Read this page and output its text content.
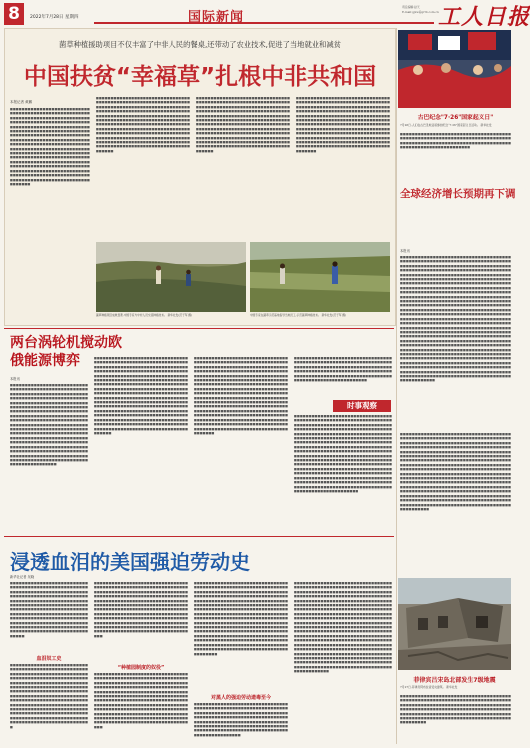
8	2022年7月28日 星期四	国际新闻
责任编辑:赵天
E-mail:gjxw@grrb.com.cn 工人日报
菌草种植援助项目不仅丰富了中非人民的餐桌,还带动了农业技术,促进了当地就业和减贫
中国扶贫“幸福草”扎根中非共和国
本报记者 黄鹏
■■■■■■■■■■■■■■■■■■■■■■■■■■■■■■■■■■■■■■■■■■■■■■■■■■■■■■■■■■■■■■■■■■■■■■■■■■■■■■■■■■■■■■■■■■■■■■■■■■■■■■■■■■■■■■■■■■■■■■■■■■■■■■■■■■■■■■■■■■■■■■■■■■■■■■■■■■■■■■■■■■■■■■■■■■■■■■■■■■■■■■■■■■■■■■■■■■■■■■■■■■■■■■■■■■■■■■■■■■■■■■■■■■■■■■■■■■■■■■■■■■■■■■■■■■■■■■■■■■■■■■■■■■■■■■■■■■■■■■■■■■■■■■■■■■■■■■■■■■■■■■■■■■■■■■■■■■■■■■■■■■■■■■■■■■■■■■■■■■■■■■■■■■■■■■■■■■■■■■■■■■■■■■■■■■■■■■■■■■■■■■■■■■■■■■■■■■■■■■■■■■■■■■■■■■■■■■■■■■■■■■■■■■■■■■■■■■■■■■■■■■■■■■■■■■■■■■■■■■■■■■■■■■
■■■■■■■■■■■■■■■■■■■■■■■■■■■■■■■■■■■■■■■■■■■■■■■■■■■■■■■■■■■■■■■■■■■■■■■■■■■■■■■■■■■■■■■■■■■■■■■■■■■■■■■■■■■■■■■■■■■■■■■■■■■■■■■■■■■■■■■■■■■■■■■■■■■■■■■■■■■■■■■■■■■■■■■■■■■■■■■■■■■■■■■■■■■■■■■■■■■■■■■■■■■■■■■■■■■■■■■■■■■■■■■■■■■■■■■■■■■■■■■■■■■■■■■■■■■■■■■■■■■■■■■■■■■■■■■■■■■■■■■■■■■■■■■■■■■■■■■■■■■■■■■■■■■■■■■■■■■■■■■■■■■■■■■■■■■■■■■■■■■■■■■■■■■■■■■■■■■■■■■■■■■■■■■■■■■■■■■■■■■■■■■■■■■■■■
■■■■■■■■■■■■■■■■■■■■■■■■■■■■■■■■■■■■■■■■■■■■■■■■■■■■■■■■■■■■■■■■■■■■■■■■■■■■■■■■■■■■■■■■■■■■■■■■■■■■■■■■■■■■■■■■■■■■■■■■■■■■■■■■■■■■■■■■■■■■■■■■■■■■■■■■■■■■■■■■■■■■■■■■■■■■■■■■■■■■■■■■■■■■■■■■■■■■■■■■■■■■■■■■■■■■■■■■■■■■■■■■■■■■■■■■■■■■■■■■■■■■■■■■■■■■■■■■■■■■■■■■■■■■■■■■■■■■■■■■■■■■■■■■■■■■■■■■■■■■■■■■■■■■■■■■■■■■■■■■■■■■■■■■■■■■■■■■■■■■■■■■■■■■■■■■■■■■■■■■■■■■■■■■■■■■■■■■■■■■■■■■■■■■■■
■■■■■■■■■■■■■■■■■■■■■■■■■■■■■■■■■■■■■■■■■■■■■■■■■■■■■■■■■■■■■■■■■■■■■■■■■■■■■■■■■■■■■■■■■■■■■■■■■■■■■■■■■■■■■■■■■■■■■■■■■■■■■■■■■■■■■■■■■■■■■■■■■■■■■■■■■■■■■■■■■■■■■■■■■■■■■■■■■■■■■■■■■■■■■■■■■■■■■■■■■■■■■■■■■■■■■■■■■■■■■■■■■■■■■■■■■■■■■■■■■■■■■■■■■■■■■■■■■■■■■■■■■■■■■■■■■■■■■■■■■■■■■■■■■■■■■■■■■■■■■■■■■■■■■■■■■■■■■■■■■■■■■■■■■■■■■■■■■■■■■■■■■■■■■■■■■■■■■■■■■■■■■■■■■■■■■■■■■■■■■■■■■■■■■■■
菌草种植项目成效显著,中国专家与中非人员交流种植技术。 新华社发(范子军 摄)	中国专家在菌草示范基地指导当地员工,示范菌草种植技术。 新华社发(范子军 摄)
古巴纪念"7·26"国家起义日"
7月26日,人们在古巴圣地亚哥参加纪念“7·26”国家起义日活动。 新华社发
■■■■■■■■■■■■■■■■■■■■■■■■■■■■■■■■■■■■■■■■■■■■■■■■■■■■■■■■■■■■■■■■■■■■■■■■■■■■■■■■■■■■■■■■■■■■■■■■■■■■■■■■■■■■■■■■■■■■■■■■■■■■■■■■■■■■■■■
全球经济增长预期再下调
本报讯
■■■■■■■■■■■■■■■■■■■■■■■■■■■■■■■■■■■■■■■■■■■■■■■■■■■■■■■■■■■■■■■■■■■■■■■■■■■■■■■■■■■■■■■■■■■■■■■■■■■■■■■■■■■■■■■■■■■■■■■■■■■■■■■■■■■■■■■■■■■■■■■■■■■■■■■■■■■■■■■■■■■■■■■■■■■■■■■■■■■■■■■■■■■■■■■■■■■■■■■■■■■■■■■■■■■■■■■■■■■■■■■■■■■■■■■■■■■■■■■■■■■■■■■■■■■■■■■■■■■■■■■■■■■■■■■■■■■■■■■■■■■■■■■■■■■■■■■■■■■■■■■■■■■■■■■■■■■■■■■■■■■■■■■■■■■■■■■■■■■■■■■■■■■■■■■■■■■■■■■■■■■■■■■■■■■■■■■■■■■■■■■■■■■■■■■■■■■■■■■■■■■■■■■■■■■■■■■■■■■■■■■■■■■■■■■■■■■■■■■■■■■■■■■■■■■■■■■■■■■■■■■■■■■■■■■■■■■■■■■■■■■■■■■■■■■■■■■■■■■■■■■■■■■■■■■■■■■■■■■■■■■■■■■■■■■■■■■■■■■■■■■■■■■■■■■■■■■■■■■■■■■■■■■■■■■■■■■■■■■■■■■■■■■■■■■■■■■■■■■■■■■■■■■■■■■■■■■■■■■■■■■■■■■■■■■■■■■■■■■■■■■■■■■■■■■■■■■■■■■■■■■■■■■■■■■■■■■■■■■■■■■■■■■■■■■■■■■■■■■■■■■■■■■■■■■■■■■■■■■■■■■■■■■■■■■■■■■■■■■■■■■■■■■■■■■■■■■■■■■■■■■■■■■■■■■■■■■■■■■■■■■■■■■■■■■■■■■■■■■■■■■■■■■■■■■■■■■■■■■■■■■■■■■■■■■■■■■■■■■■■■■■■■■■■■■■■■■■■■■■■■■■■■■■■■■■■■■■■■■■■■■■■■■■■■■■■■■■■■■■■■■■■■■■■■■■■■■■■■■■■■■■■■■■■■■■■■■■■■■■■■■■■■■■■■■■■■■■■■■■■■■■■■■■■■■■■■■■■■■■■■■■■■■■■■■■■■■■■■■■■■■■■■■■■■■■■■■■■■■■■■■■■■■■■■■■■■■■■■■■■■■■■■■■
■■■■■■■■■■■■■■■■■■■■■■■■■■■■■■■■■■■■■■■■■■■■■■■■■■■■■■■■■■■■■■■■■■■■■■■■■■■■■■■■■■■■■■■■■■■■■■■■■■■■■■■■■■■■■■■■■■■■■■■■■■■■■■■■■■■■■■■■■■■■■■■■■■■■■■■■■■■■■■■■■■■■■■■■■■■■■■■■■■■■■■■■■■■■■■■■■■■■■■■■■■■■■■■■■■■■■■■■■■■■■■■■■■■■■■■■■■■■■■■■■■■■■■■■■■■■■■■■■■■■■■■■■■■■■■■■■■■■■■■■■■■■■■■■■■■■■■■■■■■■■■■■■■■■■■■■■■■■■■■■■■■■■■■■■■■■■■■■■■■■■■■■■■■■■■■■■■■■■■■■■■■■■■■■■■■■■■■■■■■■■■■■■■■■■■■■■■■■■■■■■■■■■■■■■■■■■■■■■■■■■■■■■■■■■■■■■■■■■■■■■■■■■■■■■■■■■■■■■■■■■■■■■■■■■■■■■■■■■■■■■■■■■■■■■■■■■■■■■■■■■■■■■■■■■■■■■■■■■■■■■■■■■■■■■■■■■■■■■■■■■■■■■■■■■■■■■■■■■■■■■■■■■■■■■■■■■■■■■■■■■■■■■■■■■■■■■■■■■■■■■■■■■■■■■■■■■■■■■■■■■■■■■■■■■■■■■■■■■■■
两台涡轮机搅动欧俄能源博弈
本报讯
■■■■■■■■■■■■■■■■■■■■■■■■■■■■■■■■■■■■■■■■■■■■■■■■■■■■■■■■■■■■■■■■■■■■■■■■■■■■■■■■■■■■■■■■■■■■■■■■■■■■■■■■■■■■■■■■■■■■■■■■■■■■■■■■■■■■■■■■■■■■■■■■■■■■■■■■■■■■■■■■■■■■■■■■■■■■■■■■■■■■■■■■■■■■■■■■■■■■■■■■■■■■■■■■■■■■■■■■■■■■■■■■■■■■■■■■■■■■■■■■■■■■■■■■■■■■■■■■■■■■■■■■■■■■■■■■■■■■■■■■■■■■■■■■■■■■■■■■■■■■■■■■■■■■■■■■■■■■■■■■■■■■■■■■■■■■■■■■■■■■■■■■■■■■■■■■■■■■■■■■■■■■■■■■■■■■■■■■■■■■■■■■■■■■■■■■■■■■■■■■■■■■■■■■■■■■■■■■■■■■■■■■■■■■■■■■■■■■■■■■■■■■■■■■■■■■■■■■■■■■■■■■■■■■■■■■■■■■■■■■■■■■
■■■■■■■■■■■■■■■■■■■■■■■■■■■■■■■■■■■■■■■■■■■■■■■■■■■■■■■■■■■■■■■■■■■■■■■■■■■■■■■■■■■■■■■■■■■■■■■■■■■■■■■■■■■■■■■■■■■■■■■■■■■■■■■■■■■■■■■■■■■■■■■■■■■■■■■■■■■■■■■■■■■■■■■■■■■■■■■■■■■■■■■■■■■■■■■■■■■■■■■■■■■■■■■■■■■■■■■■■■■■■■■■■■■■■■■■■■■■■■■■■■■■■■■■■■■■■■■■■■■■■■■■■■■■■■■■■■■■■■■■■■■■■■■■■■■■■■■■■■■■■■■■■■■■■■■■■■■■■■■■■■■■■■■■■■■■■■■■■■■■■■■■■■■■■■■■■■■■■■■■■■■■■■■■■■■■■■■■■■■■■■■■■■■■■■■■■■■■■■■■■■■■■■■■■■■■■■■■■■■■■■■■■■■■■■■■■■■■■■■■■■■■■■■■■■■■■■■■■■■■■■■■■■■■■■■■■■■■■■■■■■■■■■■■■■■■■■■■■■■■■■■■■■■■■■■■■■■■■■■■■■■■■■■■■■■■■■■■■■■■■■■■■■■■■■
■■■■■■■■■■■■■■■■■■■■■■■■■■■■■■■■■■■■■■■■■■■■■■■■■■■■■■■■■■■■■■■■■■■■■■■■■■■■■■■■■■■■■■■■■■■■■■■■■■■■■■■■■■■■■■■■■■■■■■■■■■■■■■■■■■■■■■■■■■■■■■■■■■■■■■■■■■■■■■■■■■■■■■■■■■■■■■■■■■■■■■■■■■■■■■■■■■■■■■■■■■■■■■■■■■■■■■■■■■■■■■■■■■■■■■■■■■■■■■■■■■■■■■■■■■■■■■■■■■■■■■■■■■■■■■■■■■■■■■■■■■■■■■■■■■■■■■■■■■■■■■■■■■■■■■■■■■■■■■■■■■■■■■■■■■■■■■■■■■■■■■■■■■■■■■■■■■■■■■■■■■■■■■■■■■■■■■■■■■■■■■■■■■■■■■■■■■■■■■■■■■■■■■■■■■■■■■■■■■■■■■■■■■■■■■■■■■■■■■■■■■■■■■■■■■■■■■■■■■■■■■■■■■■■■■■■■■■■■■■■■■■■■■■■■■■■■■■■■■■■■■■■■■■■■■■■■■■■■■■■■■■■■■■■■■■■■■■■■■■■■■■■■■■■■■■
■■■■■■■■■■■■■■■■■■■■■■■■■■■■■■■■■■■■■■■■■■■■■■■■■■■■■■■■■■■■■■■■■■■■■■■■■■■■■■■■■■■■■■■■■■■■■■■■■■■■■■■■■■■■■■■■■■■■■■■■■■■■■■■■■■■■■■■■■■■■■■■■■■■■■■■■■■■■■■■■■■■■■■■■■■■■■■■■■■■■■■■■■■■■■■
时事观察
■■■■■■■■■■■■■■■■■■■■■■■■■■■■■■■■■■■■■■■■■■■■■■■■■■■■■■■■■■■■■■■■■■■■■■■■■■■■■■■■■■■■■■■■■■■■■■■■■■■■■■■■■■■■■■■■■■■■■■■■■■■■■■■■■■■■■■■■■■■■■■■■■■■■■■■■■■■■■■■■■■■■■■■■■■■■■■■■■■■■■■■■■■■■■■■■■■■■■■■■■■■■■■■■■■■■■■■■■■■■■■■■■■■■■■■■■■■■■■■■■■■■■■■■■■■■■■■■■■■■■■■■■■■■■■■■■■■■■■■■■■■■■■■■■■■■■■■■■■■■■■■■■■■■■■■■■■■■■■■■■■■■■■■■■■■■■■■■■■■■■■■■■■■■■■■■■■■■■■■■■■■■■■■■■■■■■■■■■■■■■■■■■■■■■■■■■■■■■■■■■■■■■■■■■■■■■■■■■■■■■■■■■■■■■■■■■■■■■■■■■■■■■■■■■■■■■■■■■■■■■■■■■■■■■■■■■■■■■■■■■■■■■■■■■■■■■■■■■■■■■■■■■■■■■■■■■■■■■■■■■■■■■■■■■■■■■■■■■■■■■■■■■■■■■■■■■■■■■■■■■■■■■■■■■■■■■■■■■■■■■■■
浸透血泪的美国强迫劳动史
新华社记者 吴晓
■■■■■■■■■■■■■■■■■■■■■■■■■■■■■■■■■■■■■■■■■■■■■■■■■■■■■■■■■■■■■■■■■■■■■■■■■■■■■■■■■■■■■■■■■■■■■■■■■■■■■■■■■■■■■■■■■■■■■■■■■■■■■■■■■■■■■■■■■■■■■■■■■■■■■■■■■■■■■■■■■■■■■■■■■■■■■■■■■■■■■■■■■■■■■■■■■■■■■■■■■■■■■■■■■■■■■■■■■■■■■■■■■■■■■■■■■■■■■■■■■■■■■■■■■■■■■■■■■■■■■■■■■■■■■■■■■■■■■■■■■■■■■■■■■■■■■■■■■■■■■■■■■■■■■■■■■■■■■
血泪奴工史
■■■■■■■■■■■■■■■■■■■■■■■■■■■■■■■■■■■■■■■■■■■■■■■■■■■■■■■■■■■■■■■■■■■■■■■■■■■■■■■■■■■■■■■■■■■■■■■■■■■■■■■■■■■■■■■■■■■■■■■■■■■■■■■■■■■■■■■■■■■■■■■■■■■■■■■■■■■■■■■■■■■■■■■■■■■■■■■■■■■■■■■■■■■■■■■■■■■■■■■■■■■■■■■■■■■■■■■■■■■■■■■■■■■■■■■■■■■■■■■■■■■■■■■■■■■■■■■■■■■■■■■■■■■■■■■■■■■■■■■■■■■■■■■■■■■■■■■■■■■■■■■■■■■■■■■■■■■■■■■■■■■■■■■■■■■■■■■■■■■■■■■■■■■■■■■■■■■■■■■■■■■■■
■■■■■■■■■■■■■■■■■■■■■■■■■■■■■■■■■■■■■■■■■■■■■■■■■■■■■■■■■■■■■■■■■■■■■■■■■■■■■■■■■■■■■■■■■■■■■■■■■■■■■■■■■■■■■■■■■■■■■■■■■■■■■■■■■■■■■■■■■■■■■■■■■■■■■■■■■■■■■■■■■■■■■■■■■■■■■■■■■■■■■■■■■■■■■■■■■■■■■■■■■■■■■■■■■■■■■■■■■■■■■■■■■■■■■■■■■■■■■■■■■■■■■■■■■■■■■■■■■■■■■■■■■■■■■■■■■■■■■■■■■■■■■■■■■■■■■■■■■■■■■■■■■■■■■■■■■■■■■■■■■■■■■■■■■■■■■■■■■■■■■■■■■■■■■■■■■■■■■■■■■■■■■■■■■■■■■■■■■■■■■■■■■■■
“种植园制度的奴役”
■■■■■■■■■■■■■■■■■■■■■■■■■■■■■■■■■■■■■■■■■■■■■■■■■■■■■■■■■■■■■■■■■■■■■■■■■■■■■■■■■■■■■■■■■■■■■■■■■■■■■■■■■■■■■■■■■■■■■■■■■■■■■■■■■■■■■■■■■■■■■■■■■■■■■■■■■■■■■■■■■■■■■■■■■■■■■■■■■■■■■■■■■■■■■■■■■■■■■■■■■■■■■■■■■■■■■■■■■■■■■■■■■■■■■■■■■■■■■■■■■■■■■■■■■■■■■■■■■■■■■■■■■■■■■■■■■■■■■■■■■■■■■■■■■■■■■■■■■■■■■■■■■■■■■■■■■■■■■■■■■■■■■■■■■■■■■■■■■■■■■■■■■■■■■■■■■■■■■■■■■■■■■■■■■■■■■■■■■■■■■■■■■■■
■■■■■■■■■■■■■■■■■■■■■■■■■■■■■■■■■■■■■■■■■■■■■■■■■■■■■■■■■■■■■■■■■■■■■■■■■■■■■■■■■■■■■■■■■■■■■■■■■■■■■■■■■■■■■■■■■■■■■■■■■■■■■■■■■■■■■■■■■■■■■■■■■■■■■■■■■■■■■■■■■■■■■■■■■■■■■■■■■■■■■■■■■■■■■■■■■■■■■■■■■■■■■■■■■■■■■■■■■■■■■■■■■■■■■■■■■■■■■■■■■■■■■■■■■■■■■■■■■■■■■■■■■■■■■■■■■■■■■■■■■■■■■■■■■■■■■■■■■■■■■■■■■■■■■■■■■■■■■■■■■■■■■■■■■■■■■■■■■■■■■■■■■■■■■■■■■■■■■■■■■■■■■■■■■■■■■■■■■■■■■■■■■■■■■■■■■■■■■■■■■■■■■■■■■■■■■■■■■■■■■■■■■■■■■■■■■■■■■■■■■■■■■■■■■■■■■■■■■■■■■■■■■■■■■■■■■■■■■■■■■■■■■■■■■■■■■■■■■■■■■■■■■■■■■■■■■■■■■■■■
对黑人的强迫劳动遗毒至今
■■■■■■■■■■■■■■■■■■■■■■■■■■■■■■■■■■■■■■■■■■■■■■■■■■■■■■■■■■■■■■■■■■■■■■■■■■■■■■■■■■■■■■■■■■■■■■■■■■■■■■■■■■■■■■■■■■■■■■■■■■■■■■■■■■■■■■■■■■■■■■■■■■■■■■■■■■■■■■■■■■■■■■■■■■■■■■■■■■■■■■■■■■■■■■■■■■■■■■■■■■■■■■■■■■■■■■■■■■■■■■■■■■■■■■■■■■■■■■■■
■■■■■■■■■■■■■■■■■■■■■■■■■■■■■■■■■■■■■■■■■■■■■■■■■■■■■■■■■■■■■■■■■■■■■■■■■■■■■■■■■■■■■■■■■■■■■■■■■■■■■■■■■■■■■■■■■■■■■■■■■■■■■■■■■■■■■■■■■■■■■■■■■■■■■■■■■■■■■■■■■■■■■■■■■■■■■■■■■■■■■■■■■■■■■■■■■■■■■■■■■■■■■■■■■■■■■■■■■■■■■■■■■■■■■■■■■■■■■■■■■■■■■■■■■■■■■■■■■■■■■■■■■■■■■■■■■■■■■■■■■■■■■■■■■■■■■■■■■■■■■■■■■■■■■■■■■■■■■■■■■■■■■■■■■■■■■■■■■■■■■■■■■■■■■■■■■■■■■■■■■■■■■■■■■■■■■■■■■■■■■■■■■■■■■■■■■■■■■■■■■■■■■■■■■■■■■■■■■■■■■■■■■■■■■■■■■■■■■■■■■■■■■■■■■■■■■■■■■■■■■■■■■■■■■■■■■■■■■■■■■■■■■■■■■■■■■■■■■■■■■■■■■■■■■■■■■■■■■■■■■■■■■■■■■■■■■■■■■■■■■■■■■■■■■■■■■■■■■■■■■■■■■■■■■■■■■■■■■■■■■■■■■■■■■■■■■■■■■■■■■■■■■■■■■■■■■■■■■■■■■■■■■■■■■■■■■■■■■■■■■■■■■■■■■■■■■■■■■■■■■■■■■■■■■■■■
菲律宾吕宋岛北部发生7级地震
7月27日,菲律宾阿布拉省受灾建筑。 新华社发
■■■■■■■■■■■■■■■■■■■■■■■■■■■■■■■■■■■■■■■■■■■■■■■■■■■■■■■■■■■■■■■■■■■■■■■■■■■■■■■■■■■■■■■■■■■■■■■■■■■■■■■■■■■■■■■■■■■■■■■■■■■■■■■■■■■■■■■■■■■■■■■■■■■■■■■■■■■■■■■■■■■■■■■■■■■■■■■■■■■■■■■■■■■■■■■■■■■■■■■■■■■■■■■■■■■■■■■■■■■■■■■■■■■■■■■
